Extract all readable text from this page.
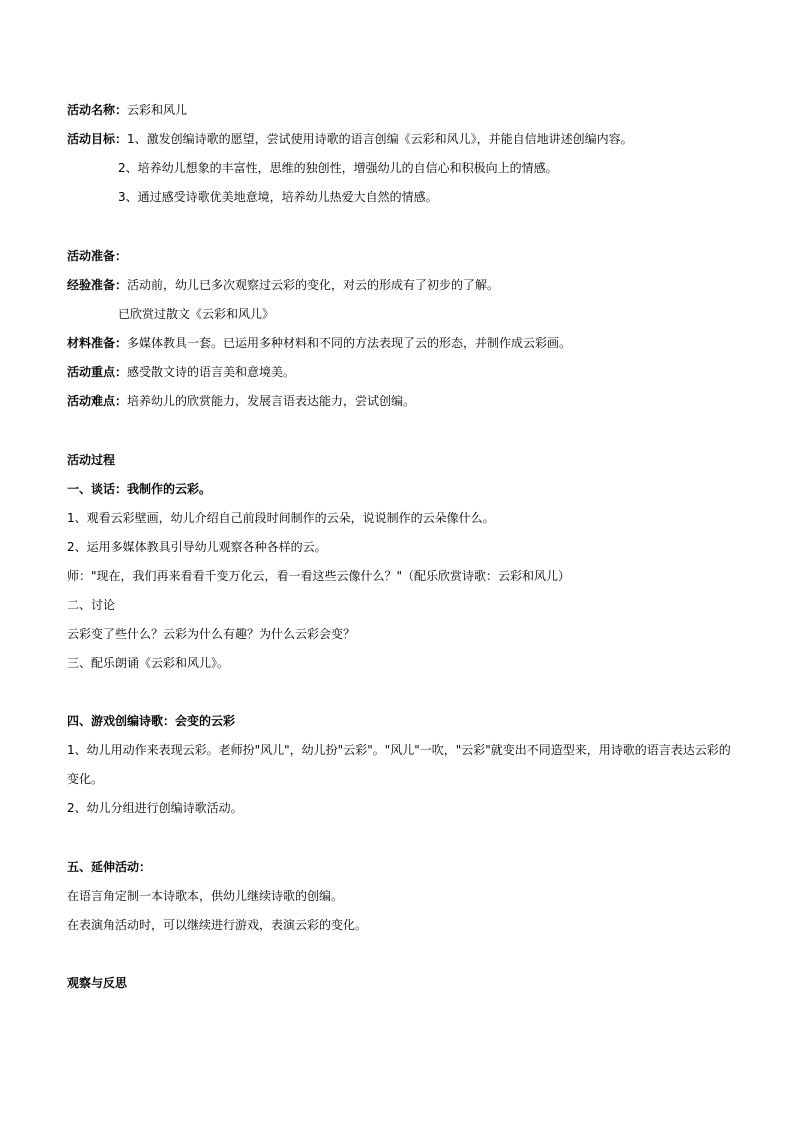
活动名称：云彩和风儿
活动目标：1、激发创编诗歌的愿望，尝试使用诗歌的语言创编《云彩和风儿》，并能自信地讲述创编内容。
2、培养幼儿想象的丰富性，思维的独创性，增强幼儿的自信心和积极向上的情感。
3、通过感受诗歌优美地意境，培养幼儿热爱大自然的情感。
活动准备：
经验准备：活动前，幼儿已多次观察过云彩的变化，对云的形成有了初步的了解。
已欣赏过散文《云彩和风儿》
材料准备：多媒体教具一套。已运用多种材料和不同的方法表现了云的形态，并制作成云彩画。
活动重点：感受散文诗的语言美和意境美。
活动难点：培养幼儿的欣赏能力，发展言语表达能力，尝试创编。
活动过程
一、谈话：我制作的云彩。
1、观看云彩壁画，幼儿介绍自己前段时间制作的云朵，说说制作的云朵像什么。
2、运用多媒体教具引导幼儿观察各种各样的云。
师："现在，我们再来看看千变万化云，看一看这些云像什么？"（配乐欣赏诗歌：云彩和风儿）
二、讨论
云彩变了些什么？云彩为什么有趣？为什么云彩会变？
三、配乐朗诵《云彩和风儿》。
四、游戏创编诗歌：会变的云彩
1、幼儿用动作来表现云彩。老师扮"风儿"，幼儿扮"云彩"。"风儿"一吹，"云彩"就变出不同造型来，用诗歌的语言表达云彩的
变化。
2、幼儿分组进行创编诗歌活动。
五、延伸活动：
在语言角定制一本诗歌本，供幼儿继续诗歌的创编。
在表演角活动时，可以继续进行游戏，表演云彩的变化。
观察与反思
